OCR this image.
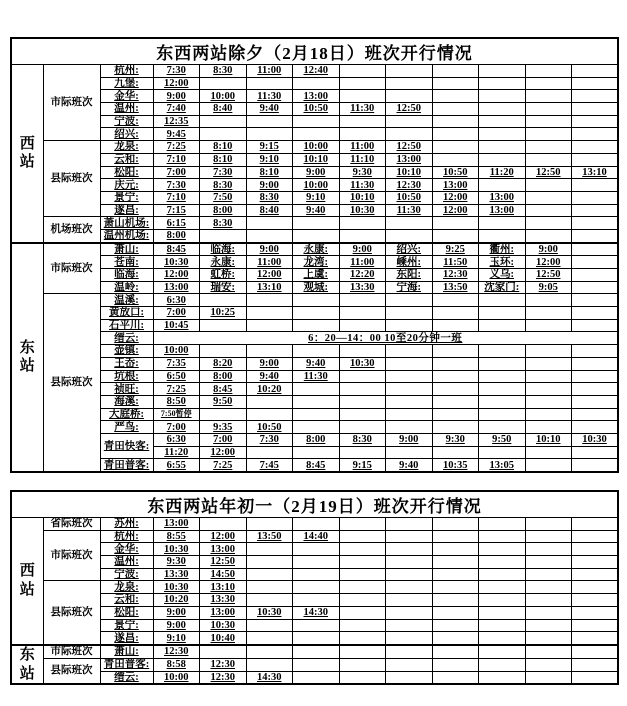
东西两站除夕（2月18日）班次开行情况												

西
站	市际班次	杭州:	7:30	8:30	11:00	12:40						
		九堡:	12:00									
		金华:	9:00	10:00	11:30	13:00						
		温州:	7:40	8:40	9:40	10:50	11:30	12:50				
		宁波:	12:35									
		绍兴:	9:45									
	县际班次	龙泉:	7:25	8:10	9:15	10:00	11:00	12:50				
		云和:	7:10	8:10	9:10	10:10	11:10	13:00				
		松阳:	7:00	7:30	8:10	9:00	9:30	10:10	10:50	11:20	12:50	13:10
		庆元:	7:30	8:30	9:00	10:00	11:30	12:30	13:00			
		景宁:	7:10	7:50	8:30	9:10	10:10	10:50	12:00	13:00		
		遂昌:	7:15	8:00	8:40	9:40	10:30	11:30	12:00	13:00		
	机场班次	萧山机场:	6:15	8:30								
		温州机场:	8:00									

东
站	市际班次	萧山:	8:45	临海:	9:00	永康:	9:00	绍兴:	9:25	衢州:	9:00	
		苍南:	10:30	永康:	11:00	龙湾:	11:00	嵊州:	11:50	玉环:	12:00	
		临海:	12:00	虹桥:	12:00	上虞:	12:20	东阳:	12:30	义乌:	12:50	
		温岭:	13:00	瑞安:	13:10	观城:	13:30	宁海:	13:50	沈家门:	9:05	
	县际班次	温溪:	6:30									
		黄放口:	7:00	10:25								
		石平川:	10:45									
		缙云:	6：20—14：00 10至20分钟一班									
		壶镇:	10:00									
		王岙:	7:35	8:20	9:00	9:40	10:30					
		坑根:	6:50	8:00	9:40	11:30						
		祯旺:	7:25	8:45	10:20							
		海溪:	8:50	9:50								
		大庭桥:	7:50暂停									
		严鸟:	7:00	9:35	10:50							
		青田快客:	6:30	7:00	7:30	8:00	8:30	9:00	9:30	9:50	10:10	10:30
			11:20	12:00								
		青田普客:	6:55	7:25	7:45	8:45	9:15	9:40	10:35	13:05		
东西两站年初一（2月19日）班次开行情况												

西
站	省际班次	苏州:	13:00									
	市际班次	杭州:	8:55	12:00	13:50	14:40						
		金华:	10:30	13:00								
		温州:	9:30	12:50								
		宁波:	13:30	14:50								
	县际班次	龙泉:	10:30	13:10								
		云和:	10:20	13:30								
		松阳:	9:00	13:00	10:30	14:30						
		景宁:	9:00	10:30								
		遂昌:	9:10	10:40								

东
站	市际班次	萧山:	12:30									
	县际班次	青田普客:	8:58	12:30								
		缙云:	10:00	12:30	14:30							
